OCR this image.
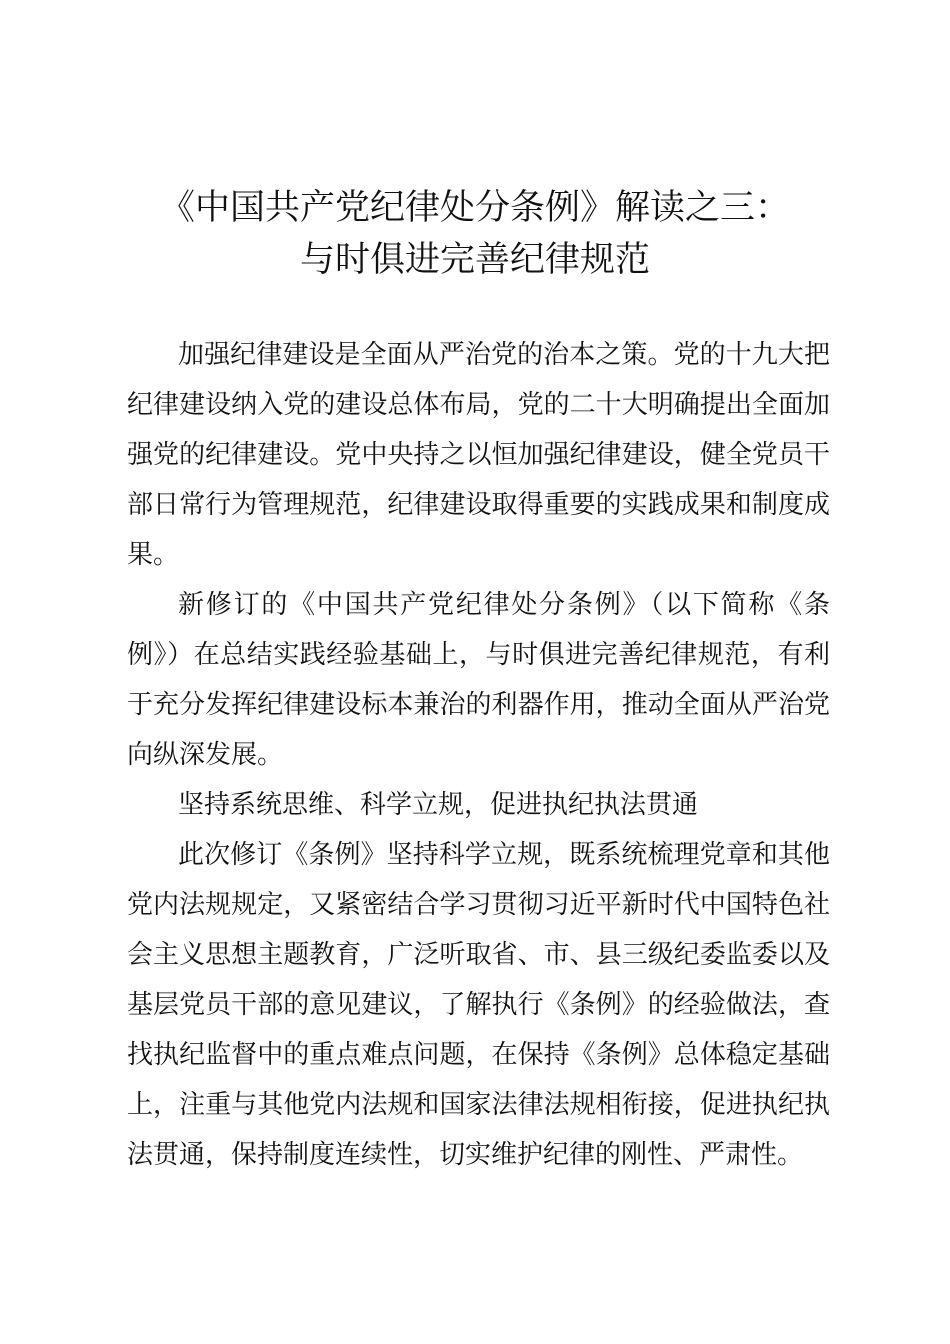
《中国共产党纪律处分条例》解读之三：
与时俱进完善纪律规范
加强纪律建设是全面从严治党的治本之策。党的十九大把
纪律建设纳入党的建设总体布局，党的二十大明确提出全面加
强党的纪律建设。党中央持之以恒加强纪律建设，健全党员干
部日常行为管理规范，纪律建设取得重要的实践成果和制度成
果。
新修订的《中国共产党纪律处分条例》（以下简称《条
例》）在总结实践经验基础上，与时俱进完善纪律规范，有利
于充分发挥纪律建设标本兼治的利器作用，推动全面从严治党
向纵深发展。
坚持系统思维、科学立规，促进执纪执法贯通
此次修订《条例》坚持科学立规，既系统梳理党章和其他
党内法规规定，又紧密结合学习贯彻习近平新时代中国特色社
会主义思想主题教育，广泛听取省、市、县三级纪委监委以及
基层党员干部的意见建议，了解执行《条例》的经验做法，查
找执纪监督中的重点难点问题，在保持《条例》总体稳定基础
上，注重与其他党内法规和国家法律法规相衔接，促进执纪执
法贯通，保持制度连续性，切实维护纪律的刚性、严肃性。
